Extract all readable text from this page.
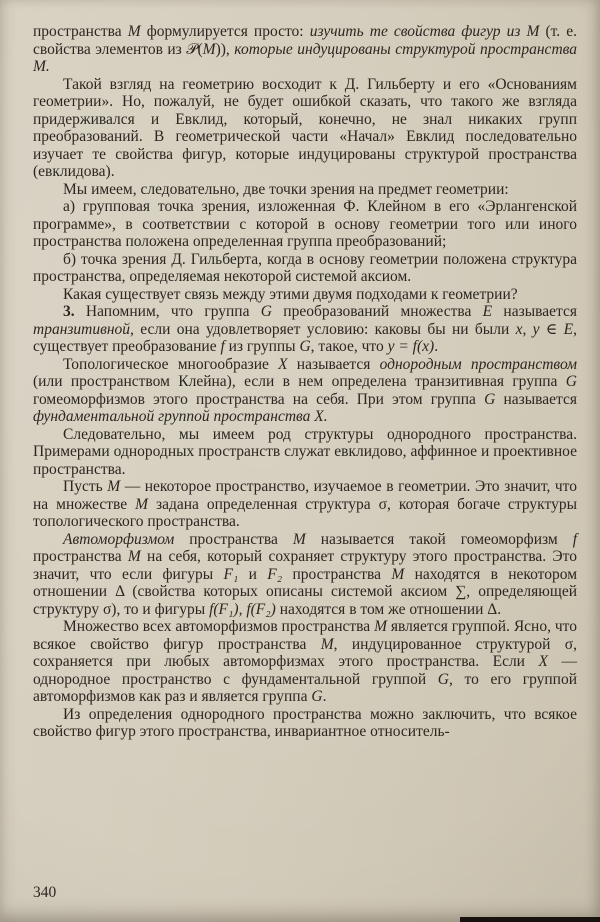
пространства M формулируется просто: изучить те свойства фигур из M (т. е. свойства элементов из 𝒫(M)), которые индуцированы структурой пространства M.

Такой взгляд на геометрию восходит к Д. Гильберту и его «Основаниям геометрии». Но, пожалуй, не будет ошибкой сказать, что такого же взгляда придерживался и Евклид, который, конечно, не знал никаких групп преобразований. В геометрической части «Начал» Евклид последовательно изучает те свойства фигур, которые индуцированы структурой пространства (евклидова).

Мы имеем, следовательно, две точки зрения на предмет геометрии:

а) групповая точка зрения, изложенная Ф. Клейном в его «Эрлангенской программе», в соответствии с которой в основу геометрии того или иного пространства положена определенная группа преобразований;

б) точка зрения Д. Гильберта, когда в основу геометрии положена структура пространства, определяемая некоторой системой аксиом.

Какая существует связь между этими двумя подходами к геометрии?

3. Напомним, что группа G преобразований множества E называется транзитивной, если она удовлетворяет условию: каковы бы ни были x, y ∈ E, существует преобразование f из группы G, такое, что y = f(x).

Топологическое многообразие X называется однородным пространством (или пространством Клейна), если в нем определена транзитивная группа G гомеоморфизмов этого пространства на себя. При этом группа G называется фундаментальной группой пространства X.

Следовательно, мы имеем род структуры однородного пространства. Примерами однородных пространств служат евклидово, аффинное и проективное пространства.

Пусть M — некоторое пространство, изучаемое в геометрии. Это значит, что на множестве M задана определенная структура σ, которая богаче структуры топологического пространства.

Автоморфизмом пространства M называется такой гомеоморфизм f пространства M на себя, который сохраняет структуру этого пространства. Это значит, что если фигуры F₁ и F₂ пространства M находятся в некотором отношении Δ (свойства которых описаны системой аксиом ∑, определяющей структуру σ), то и фигуры f(F₁), f(F₂) находятся в том же отношении Δ.

Множество всех автоморфизмов пространства M является группой. Ясно, что всякое свойство фигур пространства M, индуцированное структурой σ, сохраняется при любых автоморфизмах этого пространства. Если X — однородное пространство с фундаментальной группой G, то его группой автоморфизмов как раз и является группа G.

Из определения однородного пространства можно заключить, что всякое свойство фигур этого пространства, инвариантное относитель-

340
